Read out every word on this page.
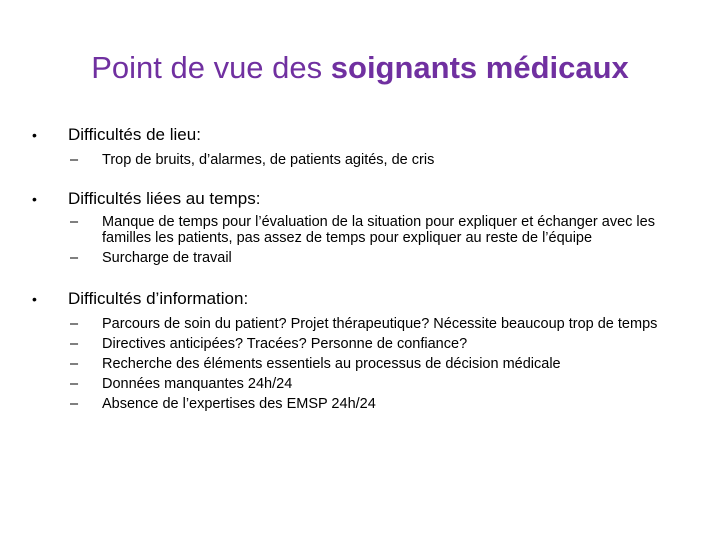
Point de vue des soignants médicaux
•	Difficultés de lieu:
–	Trop de bruits, d’alarmes, de patients agités, de cris
•	Difficultés liées au temps:
–	Manque de temps pour l’évaluation de la situation pour expliquer et échanger avec les familles les patients, pas assez de temps pour expliquer au reste de l’équipe
–	Surcharge de travail
•	Difficultés d’information:
–	Parcours de soin du patient? Projet thérapeutique? Nécessite beaucoup trop de temps
–	Directives anticipées? Tracées? Personne de confiance?
–	Recherche des éléments essentiels au processus de décision médicale
–	Données manquantes 24h/24
–	Absence de l’expertises des EMSP 24h/24
